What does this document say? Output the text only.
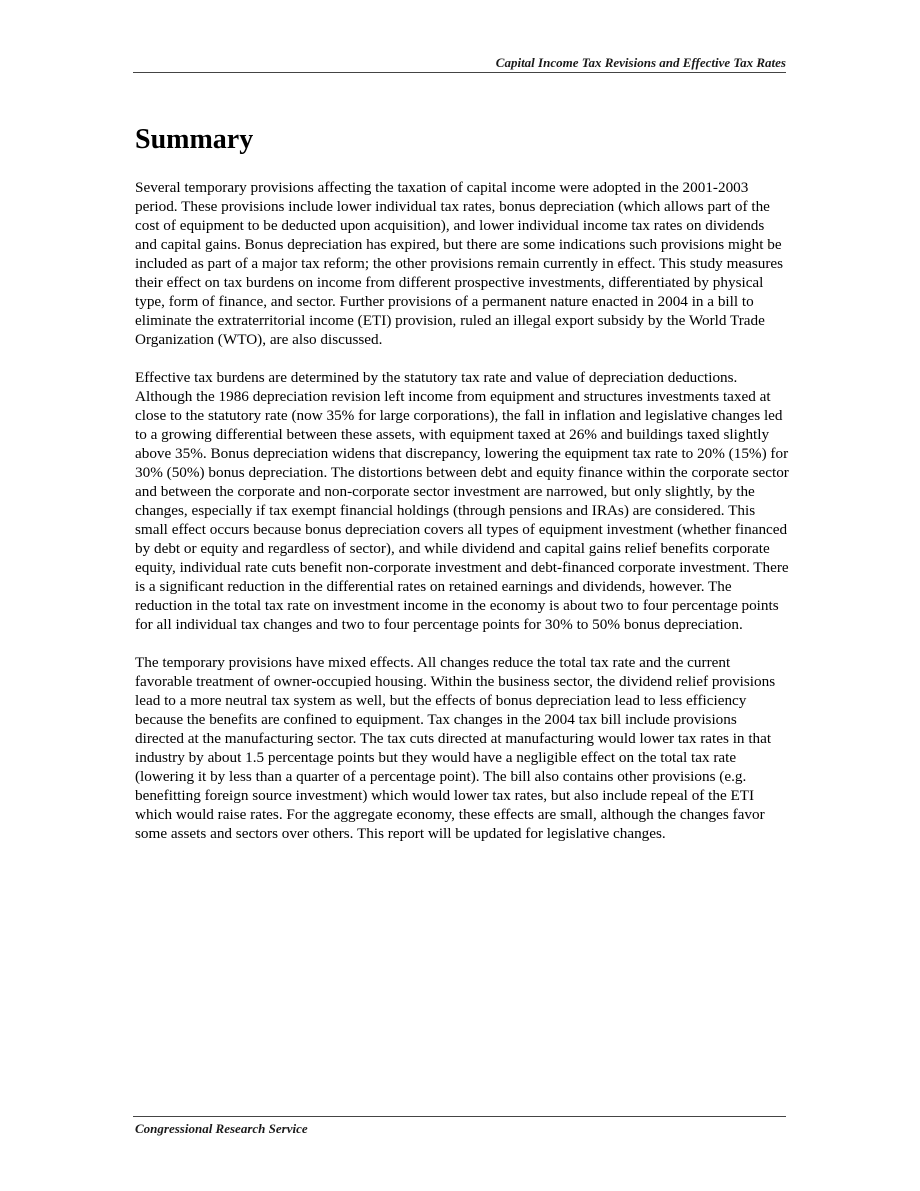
Capital Income Tax Revisions and Effective Tax Rates
Summary

Several temporary provisions affecting the taxation of capital income were adopted in the 2001-2003 period. These provisions include lower individual tax rates, bonus depreciation (which allows part of the cost of equipment to be deducted upon acquisition), and lower individual income tax rates on dividends and capital gains. Bonus depreciation has expired, but there are some indications such provisions might be included as part of a major tax reform; the other provisions remain currently in effect. This study measures their effect on tax burdens on income from different prospective investments, differentiated by physical type, form of finance, and sector. Further provisions of a permanent nature enacted in 2004 in a bill to eliminate the extraterritorial income (ETI) provision, ruled an illegal export subsidy by the World Trade Organization (WTO), are also discussed.

Effective tax burdens are determined by the statutory tax rate and value of depreciation deductions. Although the 1986 depreciation revision left income from equipment and structures investments taxed at close to the statutory rate (now 35% for large corporations), the fall in inflation and legislative changes led to a growing differential between these assets, with equipment taxed at 26% and buildings taxed slightly above 35%. Bonus depreciation widens that discrepancy, lowering the equipment tax rate to 20% (15%) for 30% (50%) bonus depreciation. The distortions between debt and equity finance within the corporate sector and between the corporate and non-corporate sector investment are narrowed, but only slightly, by the changes, especially if tax exempt financial holdings (through pensions and IRAs) are considered. This small effect occurs because bonus depreciation covers all types of equipment investment (whether financed by debt or equity and regardless of sector), and while dividend and capital gains relief benefits corporate equity, individual rate cuts benefit non-corporate investment and debt-financed corporate investment. There is a significant reduction in the differential rates on retained earnings and dividends, however. The reduction in the total tax rate on investment income in the economy is about two to four percentage points for all individual tax changes and two to four percentage points for 30% to 50% bonus depreciation.

The temporary provisions have mixed effects. All changes reduce the total tax rate and the current favorable treatment of owner-occupied housing. Within the business sector, the dividend relief provisions lead to a more neutral tax system as well, but the effects of bonus depreciation lead to less efficiency because the benefits are confined to equipment. Tax changes in the 2004 tax bill include provisions directed at the manufacturing sector. The tax cuts directed at manufacturing would lower tax rates in that industry by about 1.5 percentage points but they would have a negligible effect on the total tax rate (lowering it by less than a quarter of a percentage point). The bill also contains other provisions (e.g. benefitting foreign source investment) which would lower tax rates, but also include repeal of the ETI which would raise rates. For the aggregate economy, these effects are small, although the changes favor some assets and sectors over others. This report will be updated for legislative changes.

Congressional Research Service
